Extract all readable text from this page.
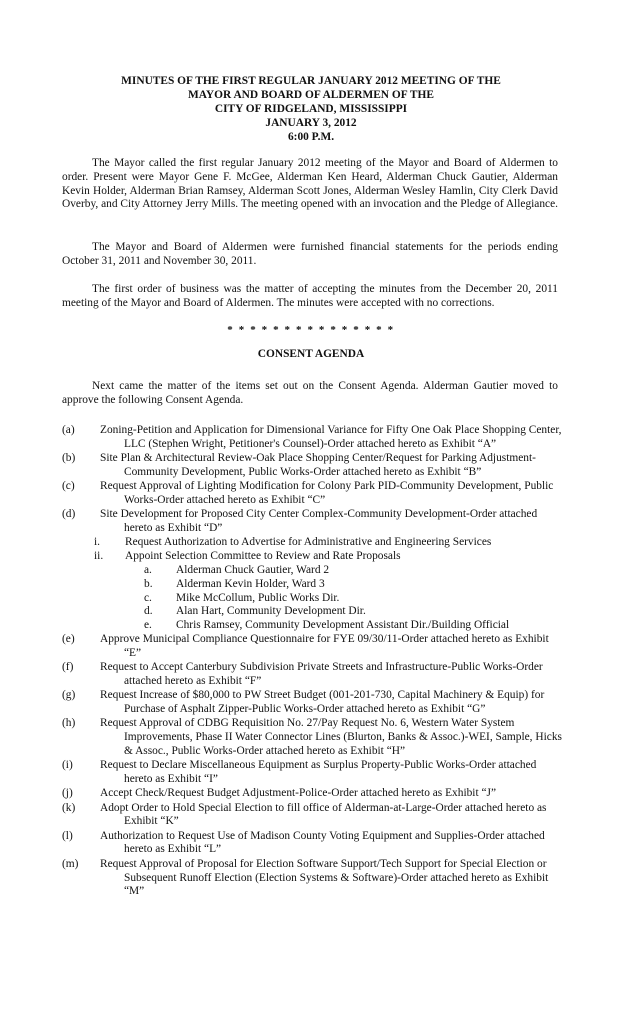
MINUTES OF THE FIRST REGULAR JANUARY 2012 MEETING OF THE
MAYOR AND BOARD OF ALDERMEN OF THE
CITY OF RIDGELAND, MISSISSIPPI
JANUARY 3, 2012
6:00 P.M.

The Mayor called the first regular January 2012 meeting of the Mayor and Board of Aldermen to order. Present were Mayor Gene F. McGee, Alderman Ken Heard, Alderman Chuck Gautier, Alderman Kevin Holder, Alderman Brian Ramsey, Alderman Scott Jones, Alderman Wesley Hamlin, City Clerk David Overby, and City Attorney Jerry Mills. The meeting opened with an invocation and the Pledge of Allegiance.

The Mayor and Board of Aldermen were furnished financial statements for the periods ending October 31, 2011 and November 30, 2011.

The first order of business was the matter of accepting the minutes from the December 20, 2011 meeting of the Mayor and Board of Aldermen. The minutes were accepted with no corrections.

* * * * * * * * * * * * * * *
CONSENT AGENDA

Next came the matter of the items set out on the Consent Agenda. Alderman Gautier moved to approve the following Consent Agenda.

(a)	Zoning-Petition and Application for Dimensional Variance for Fifty One Oak Place Shopping Center, LLC (Stephen Wright, Petitioner's Counsel)-Order attached hereto as Exhibit “A”
(b)	Site Plan & Architectural Review-Oak Place Shopping Center/Request for Parking Adjustment-Community Development, Public Works-Order attached hereto as Exhibit “B”
(c)	Request Approval of Lighting Modification for Colony Park PID-Community Development, Public Works-Order attached hereto as Exhibit “C”
(d)	Site Development for Proposed City Center Complex-Community Development-Order attached hereto as Exhibit “D”
i. Request Authorization to Advertise for Administrative and Engineering Services
ii. Appoint Selection Committee to Review and Rate Proposals
a. Alderman Chuck Gautier, Ward 2
b. Alderman Kevin Holder, Ward 3
c. Mike McCollum, Public Works Dir.
d. Alan Hart, Community Development Dir.
e. Chris Ramsey, Community Development Assistant Dir./Building Official
(e)	Approve Municipal Compliance Questionnaire for FYE 09/30/11-Order attached hereto as Exhibit “E”
(f)	Request to Accept Canterbury Subdivision Private Streets and Infrastructure-Public Works-Order attached hereto as Exhibit “F”
(g)	Request Increase of $80,000 to PW Street Budget (001-201-730, Capital Machinery & Equip) for Purchase of Asphalt Zipper-Public Works-Order attached hereto as Exhibit “G”
(h)	Request Approval of CDBG Requisition No. 27/Pay Request No. 6, Western Water System Improvements, Phase II Water Connector Lines (Blurton, Banks & Assoc.)-WEI, Sample, Hicks & Assoc., Public Works-Order attached hereto as Exhibit “H”
(i)	Request to Declare Miscellaneous Equipment as Surplus Property-Public Works-Order attached hereto as Exhibit “I”
(j)	Accept Check/Request Budget Adjustment-Police-Order attached hereto as Exhibit “J”
(k)	Adopt Order to Hold Special Election to fill office of Alderman-at-Large-Order attached hereto as Exhibit “K”
(l)	Authorization to Request Use of Madison County Voting Equipment and Supplies-Order attached hereto as Exhibit “L”
(m)	Request Approval of Proposal for Election Software Support/Tech Support for Special Election or Subsequent Runoff Election (Election Systems & Software)-Order attached hereto as Exhibit “M”
